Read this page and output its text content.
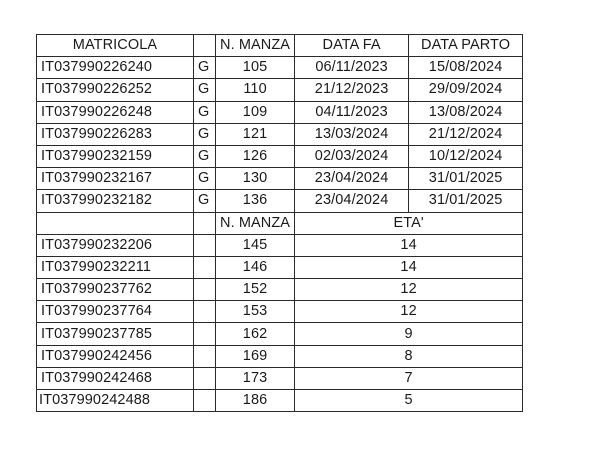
MATRICOLA		N. MANZA	DATA FA	DATA PARTO
IT037990226240	G	105	06/11/2023	15/08/2024
IT037990226252	G	110	21/12/2023	29/09/2024
IT037990226248	G	109	04/11/2023	13/08/2024
IT037990226283	G	121	13/03/2024	21/12/2024
IT037990232159	G	126	02/03/2024	10/12/2024
IT037990232167	G	130	23/04/2024	31/01/2025
IT037990232182	G	136	23/04/2024	31/01/2025
		N. MANZA	ETA'	
IT037990232206		145	14	
IT037990232211		146	14	
IT037990237762		152	12	
IT037990237764		153	12	
IT037990237785		162	9	
IT037990242456		169	8	
IT037990242468		173	7	
IT037990242488		186	5	
